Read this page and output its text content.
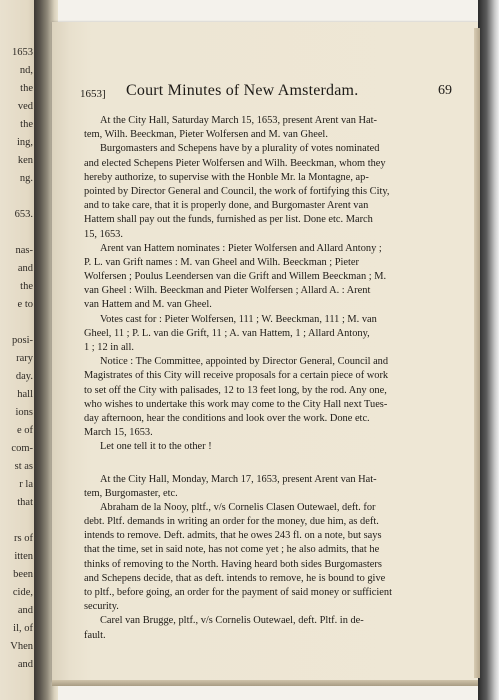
1653
nd,
the
ved
the
ing,
ken
ng.
653.
nas-
and
the
e to
posi-
rary
day.
hall
ions
e of
com-
st as
r la
that
rs of
itten
been
cide,
and
il, of
Vhen
and
1653] Court Minutes of New Amsterdam.	69
At the City Hall, Saturday March 15, 1653, present Arent van Hat-
tem, Wilh. Beeckman, Pieter Wolfersen and M. van Gheel.
Burgomasters and Schepens have by a plurality of votes nominated
and elected Schepens Pieter Wolfersen and Wilh. Beeckman, whom they
hereby authorize, to supervise with the Honble Mr. la Montagne, ap-
pointed by Director General and Council, the work of fortifying this City,
and to take care, that it is properly done, and Burgomaster Arent van
Hattem shall pay out the funds, furnished as per list. Done etc. March
15, 1653.
Arent van Hattem nominates : Pieter Wolfersen and Allard Antony ;
P. L. van Grift names : M. van Gheel and Wilh. Beeckman ; Pieter
Wolfersen ; Poulus Leendersen van die Grift and Willem Beeckman ; M.
van Gheel : Wilh. Beeckman and Pieter Wolfersen ; Allard A. : Arent
van Hattem and M. van Gheel.
Votes cast for : Pieter Wolfersen, 111 ; W. Beeckman, 111 ; M. van
Gheel, 11 ; P. L. van die Grift, 11 ; A. van Hattem, 1 ; Allard Antony,
1 ; 12 in all.
Notice : The Committee, appointed by Director General, Council and
Magistrates of this City will receive proposals for a certain piece of work
to set off the City with palisades, 12 to 13 feet long, by the rod. Any one,
who wishes to undertake this work may come to the City Hall next Tues-
day afternoon, hear the conditions and look over the work. Done etc.
March 15, 1653.
Let one tell it to the other !
At the City Hall, Monday, March 17, 1653, present Arent van Hat-
tem, Burgomaster, etc.
Abraham de la Nooy, pltf., v/s Cornelis Clasen Outewael, deft. for
debt. Pltf. demands in writing an order for the money, due him, as deft.
intends to remove. Deft. admits, that he owes 243 fl. on a note, but says
that the time, set in said note, has not come yet ; he also admits, that he
thinks of removing to the North. Having heard both sides Burgomasters
and Schepens decide, that as deft. intends to remove, he is bound to give
to pltf., before going, an order for the payment of said money or sufficient
security.
Carel van Brugge, pltf., v/s Cornelis Outewael, deft. Pltf. in de-
fault.
